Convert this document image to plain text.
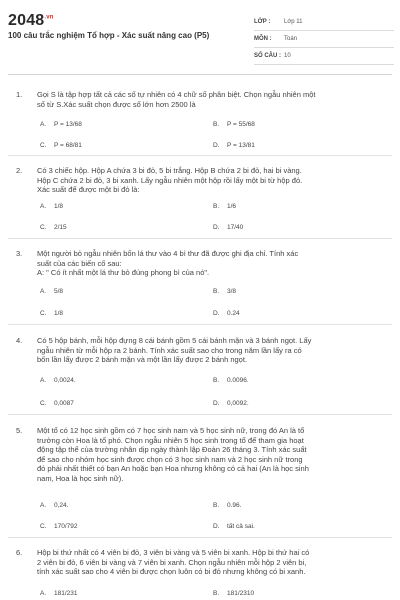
$2048^{.vn}$
100 câu trắc nghiệm Tổ hợp - Xác suất nâng cao (P5)
LỚP :	Lớp 11
MÔN :	Toán
SỐ CÂU : 10
1. Gọi S là tập hợp tất cả các số tự nhiên có 4 chữ số phân biệt. Chọn ngẫu nhiên một
số từ S.Xác suất chọn được số lớn hơn 2500 là
A. P = 13/68	B. P = 55/68
C. P = 68/81	D. P = 13/81
2. Có 3 chiếc hộp. Hộp A chứa 3 bi đỏ, 5 bi trắng. Hộp B chứa 2 bi đỏ, hai bi vàng.
Hộp C chứa 2 bi đỏ, 3 bi xanh. Lấy ngẫu nhiên một hộp rồi lấy một bi từ hộp đó.
Xác suất để được một bi đỏ là:
A. 1/8	B. 1/6
C. 2/15	D. 17/40
3. Một người bỏ ngẫu nhiên bốn lá thư vào 4 bì thư đã được ghi địa chỉ. Tính xác
suất của các biến cố sau:
A: " Có ít nhất một lá thư bỏ đúng phong bì của nó".
A. 5/8	B. 3/8
C. 1/8	D. 0.24
4. Có 5 hộp bánh, mỗi hộp đựng 8 cái bánh gồm 5 cái bánh mặn và 3 bánh ngọt. Lấy
ngẫu nhiên từ mỗi hộp ra 2 bánh. Tính xác suất sao cho trong năm lần lấy ra có
bốn lần lấy được 2 bánh mặn và một lần lấy được 2 bánh ngọt.
A. 0,0024.	B. 0.0096.
C. 0,0087	D. 0,0092.
5. Một tổ có 12 học sinh gồm có 7 học sinh nam và 5 học sinh nữ, trong đó An là tổ
trưởng còn Hoa là tổ phó. Chọn ngẫu nhiên 5 học sinh trong tổ để tham gia hoạt
động tập thể của trường nhân dịp ngày thành lập Đoàn 26 tháng 3. Tính xác suất
để sao cho nhóm học sinh được chọn có 3 học sinh nam và 2 học sinh nữ trong
đó phải nhất thiết có bạn An hoặc bạn Hoa nhưng không có cả hai (An là học sinh
nam, Hoa là học sinh nữ).
A. 0,24.	B. 0.96.
C. 170/792	D. tất cả sai.
6. Hộp bi thứ nhất có 4 viên bi đỏ, 3 viên bi vàng và 5 viên bi xanh. Hộp bi thứ hai có
2 viên bi đỏ, 6 viên bi vàng và 7 viên bi xanh. Chọn ngẫu nhiên mỗi hộp 2 viên bi,
tính xác suất sao cho 4 viên bi được chọn luôn có bi đỏ nhưng không có bi xanh.
A. 181/231	B. 181/2310
